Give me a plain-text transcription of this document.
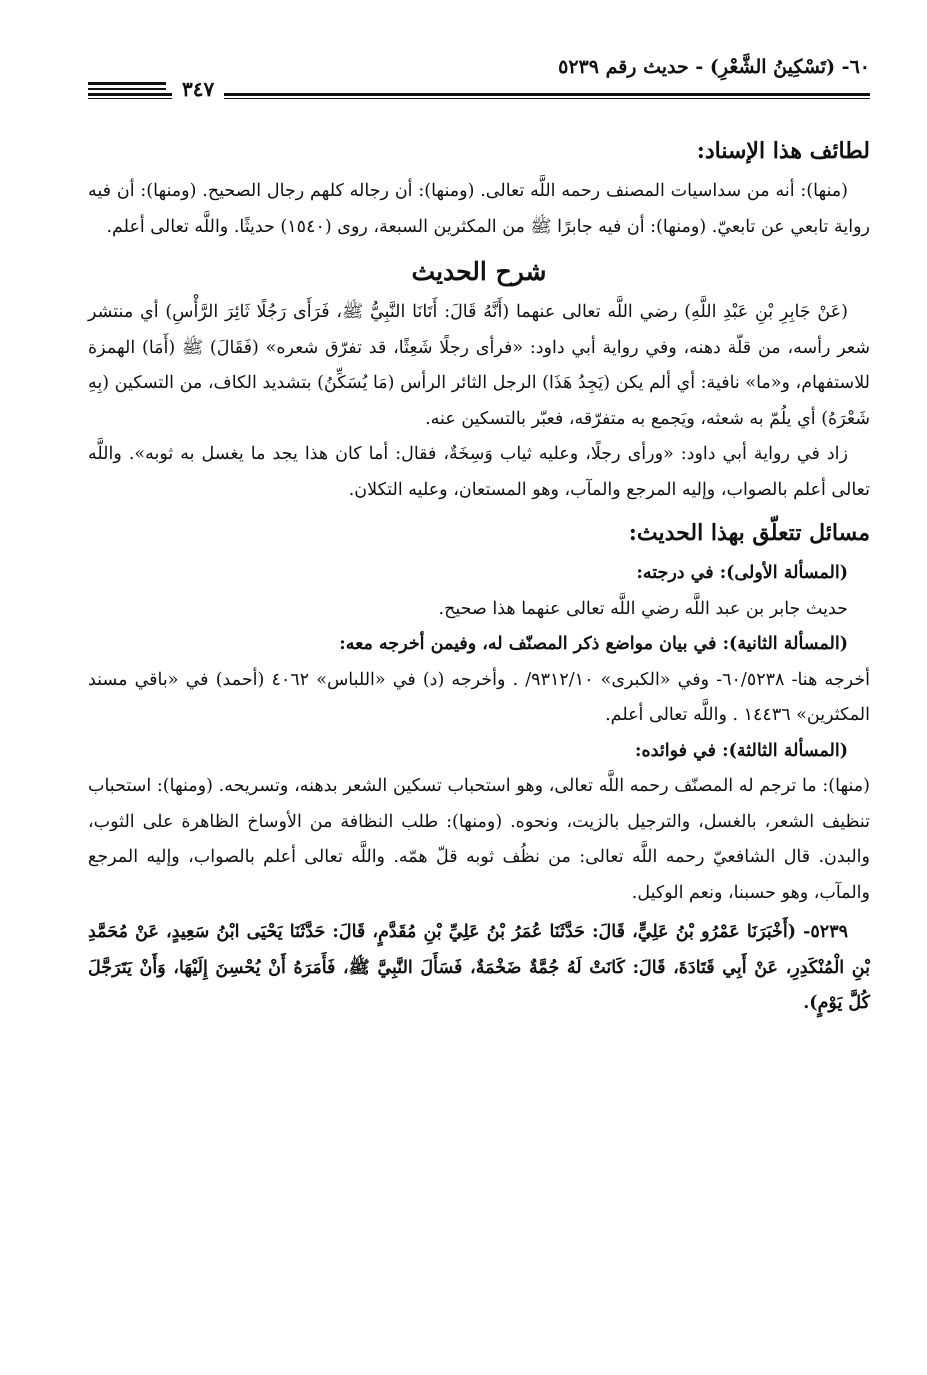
٦٠- (تَسْكِينُ الشَّعْرِ) - حديث رقم ٥٢٣٩
٣٤٧
لطائف هذا الإسناد:

(منها): أنه من سداسيات المصنف رحمه اللَّه تعالى. (ومنها): أن رجاله كلهم رجال الصحيح. (ومنها): أن فيه رواية تابعي عن تابعيّ. (ومنها): أن فيه جابرًا ﷺ من المكثرين السبعة، روى (١٥٤٠) حديثًا. واللَّه تعالى أعلم.

شرح الحديث

(عَنْ جَابِرِ بْنِ عَبْدِ اللَّهِ) رضي اللَّه تعالى عنهما (أَنَّهُ قَالَ: أَتَانَا النَّبِيُّ ﷺ، فَرَأَى رَجُلًا ثَائِرَ الرَّأْسِ) أي منتشر شعر رأسه، من قلّة دهنه، وفي رواية أبي داود: «فرأى رجلًا شَعِثًا، قد تفرّق شعره» (فَقَالَ) ﷺ (أَمَا) الهمزة للاستفهام، و«ما» نافية: أي ألم يكن (يَجِدُ هَذَا) الرجل الثائر الرأس (مَا يُسَكِّنُ) بتشديد الكاف، من التسكين (بِهِ شَعْرَهُ) أي يلُمّ به شعثه، ويَجمع به متفرّقه، فعبّر بالتسكين عنه.

زاد في رواية أبي داود: «ورأى رجلًا، وعليه ثياب وَسِخَةٌ، فقال: أما كان هذا يجد ما يغسل به ثوبه». واللَّه تعالى أعلم بالصواب، وإليه المرجع والمآب، وهو المستعان، وعليه التكلان.

مسائل تتعلّق بهذا الحديث:

(المسألة الأولى): في درجته:

حديث جابر بن عبد اللَّه رضي اللَّه تعالى عنهما هذا صحيح.

(المسألة الثانية): في بيان مواضع ذكر المصنّف له، وفيمن أخرجه معه:

أخرجه هنا- ٦٠/٥٢٣٨- وفي «الكبرى» ٩٣١٢/١٠/ . وأخرجه (د) في «اللباس» ٤٠٦٢ (أحمد) في «باقي مسند المكثرين» ١٤٤٣٦ . واللَّه تعالى أعلم.

(المسألة الثالثة): في فوائده:

(منها): ما ترجم له المصنّف رحمه اللَّه تعالى، وهو استحباب تسكين الشعر بدهنه، وتسريحه. (ومنها): استحباب تنظيف الشعر، بالغسل، والترجيل بالزيت، ونحوه. (ومنها): طلب النظافة من الأوساخ الظاهرة على الثوب، والبدن. قال الشافعيّ رحمه اللَّه تعالى: من نظُف ثوبه قلّ همّه. واللَّه تعالى أعلم بالصواب، وإليه المرجع والمآب، وهو حسبنا، ونعم الوكيل.

٥٢٣٩- (أَخْبَرَنَا عَمْرُو بْنُ عَلِيٍّ، قَالَ: حَدَّثَنَا عُمَرُ بْنُ عَلِيِّ بْنِ مُقَدَّمٍ، قَالَ: حَدَّثَنَا يَحْيَى ابْنُ سَعِيدٍ، عَنْ مُحَمَّدِ بْنِ الْمُنْكَدِرِ، عَنْ أَبِي قَتَادَةَ، قَالَ: كَانَتْ لَهُ جُمَّةٌ ضَخْمَةٌ، فَسَأَلَ النَّبِيَّ ﷺ، فَأَمَرَهُ أَنْ يُحْسِنَ إِلَيْهَا، وَأَنْ يَتَرَجَّلَ كُلَّ يَوْمٍ).
